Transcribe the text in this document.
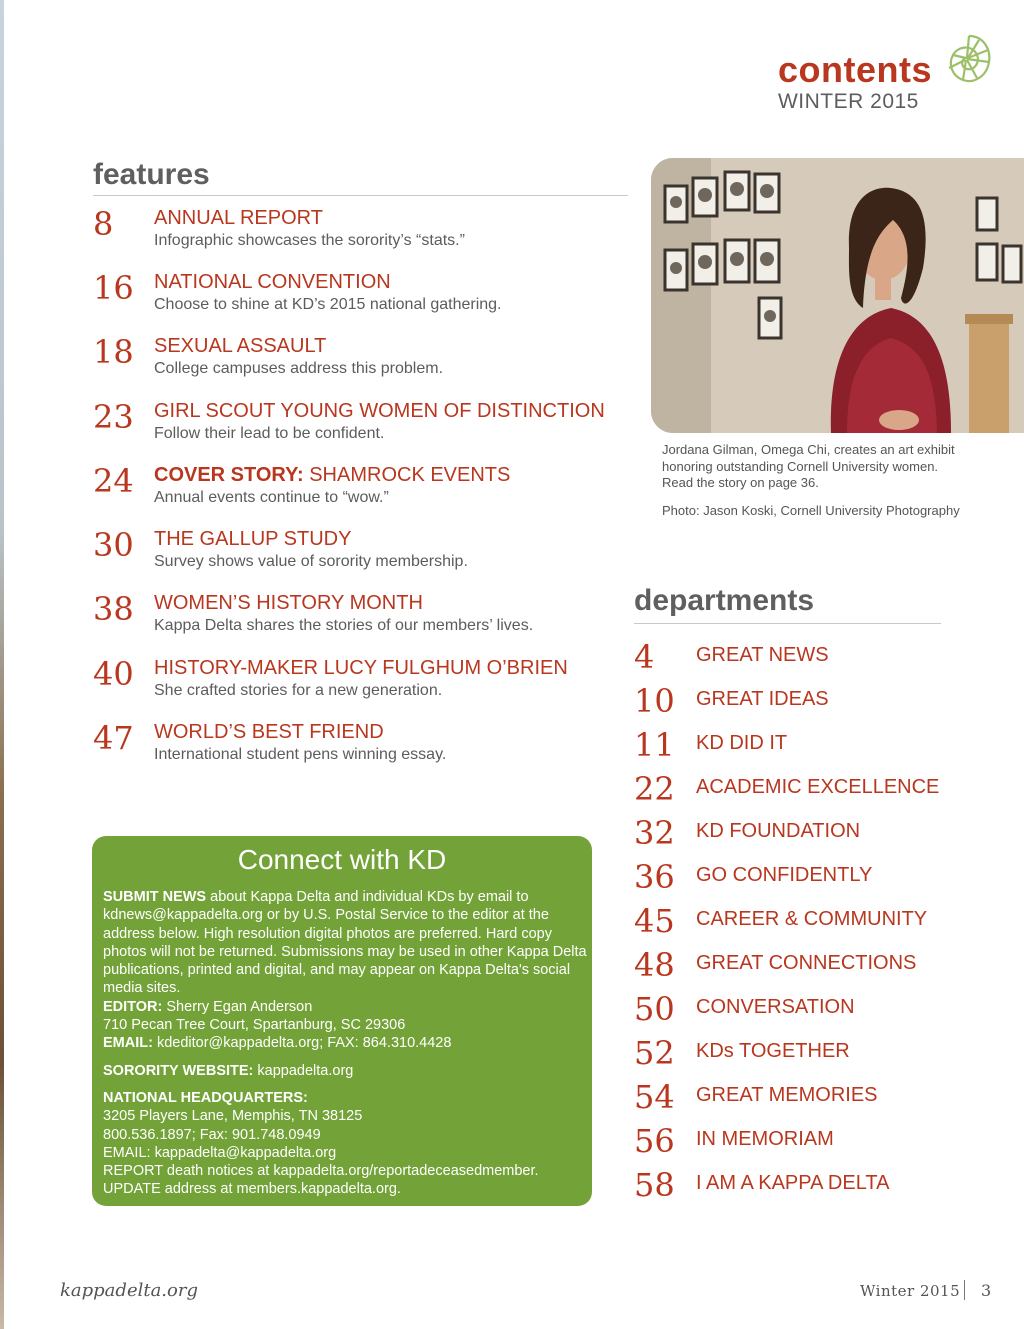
contents
WINTER 2015
features
8 ANNUAL REPORT
Infographic showcases the sorority’s “stats.”
16 NATIONAL CONVENTION
Choose to shine at KD’s 2015 national gathering.
18 SEXUAL ASSAULT
College campuses address this problem.
23 GIRL SCOUT YOUNG WOMEN OF DISTINCTION
Follow their lead to be confident.
24 COVER STORY: SHAMROCK EVENTS
Annual events continue to “wow.”
30 THE GALLUP STUDY
Survey shows value of sorority membership.
38 WOMEN’S HISTORY MONTH
Kappa Delta shares the stories of our members’ lives.
40 HISTORY-MAKER LUCY FULGHUM O’BRIEN
She crafted stories for a new generation.
47 WORLD’S BEST FRIEND
International student pens winning essay.
Jordana Gilman, Omega Chi, creates an art exhibit
honoring outstanding Cornell University women.
Read the story on page 36.
Photo: Jason Koski, Cornell University Photography
Connect with KD

SUBMIT NEWS about Kappa Delta and individual KDs by email to kdnews@kappadelta.org or by U.S. Postal Service to the editor at the address below. High resolution digital photos are preferred. Hard copy photos will not be returned. Submissions may be used in other Kappa Delta publications, printed and digital, and may appear on Kappa Delta's social media sites.
EDITOR: Sherry Egan Anderson
710 Pecan Tree Court, Spartanburg, SC 29306
EMAIL: kdeditor@kappadelta.org; FAX: 864.310.4428

SORORITY WEBSITE: kappadelta.org

NATIONAL HEADQUARTERS:
3205 Players Lane, Memphis, TN 38125
800.536.1897; Fax: 901.748.0949
EMAIL: kappadelta@kappadelta.org
REPORT death notices at kappadelta.org/reportadeceasedmember.
UPDATE address at members.kappadelta.org.

departments
4 GREAT NEWS
10 GREAT IDEAS
11 KD DID IT
22 ACADEMIC EXCELLENCE
32 KD FOUNDATION
36 GO CONFIDENTLY
45 CAREER & COMMUNITY
48 GREAT CONNECTIONS
50 CONVERSATION
52 KDs TOGETHER
54 GREAT MEMORIES
56 IN MEMORIAM
58 I AM A KAPPA DELTA
kappadelta.org	Winter 2015 3
